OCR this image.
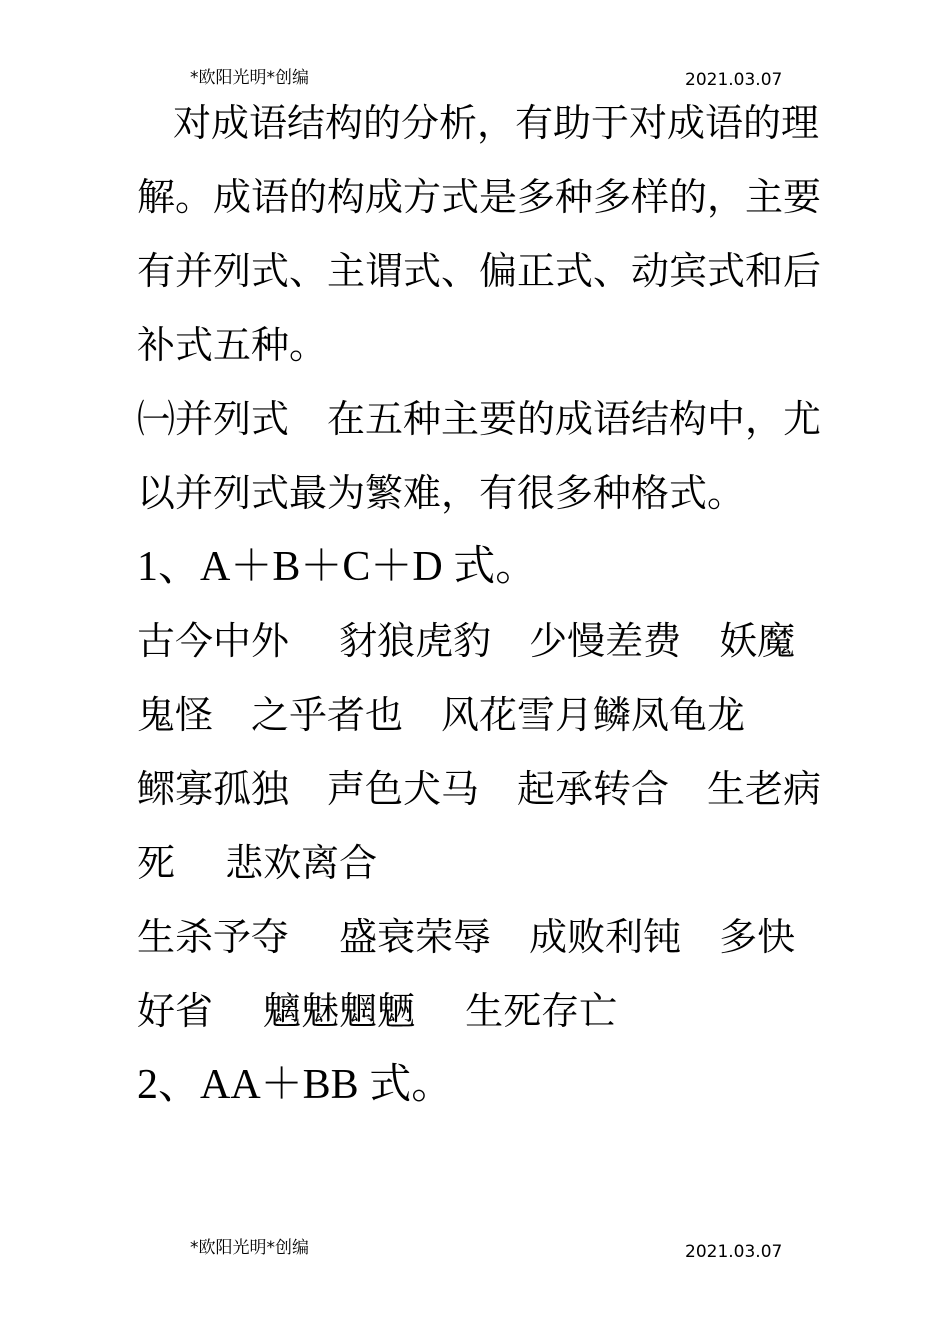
*欧阳光明*创编	2021.03.07

对成语结构的分析，有助于对成语的理解。成语的构成方式是多种多样的，主要有并列式、主谓式、偏正式、动宾式和后补式五种。

㈠并列式　在五种主要的成语结构中，尤以并列式最为繁难，有很多种格式。

1、A＋B＋C＋D 式。

古今中外　 豺狼虎豹　少慢差费　妖魔鬼怪　之乎者也　风花雪月鳞凤龟龙　 鳏寡孤独　声色犬马　起承转合　生老病死　 悲欢离合

生杀予夺　 盛衰荣辱　成败利钝　多快好省　 魑魅魍魉　 生死存亡

2、AA＋BB 式。

*欧阳光明*创编	2021.03.07
